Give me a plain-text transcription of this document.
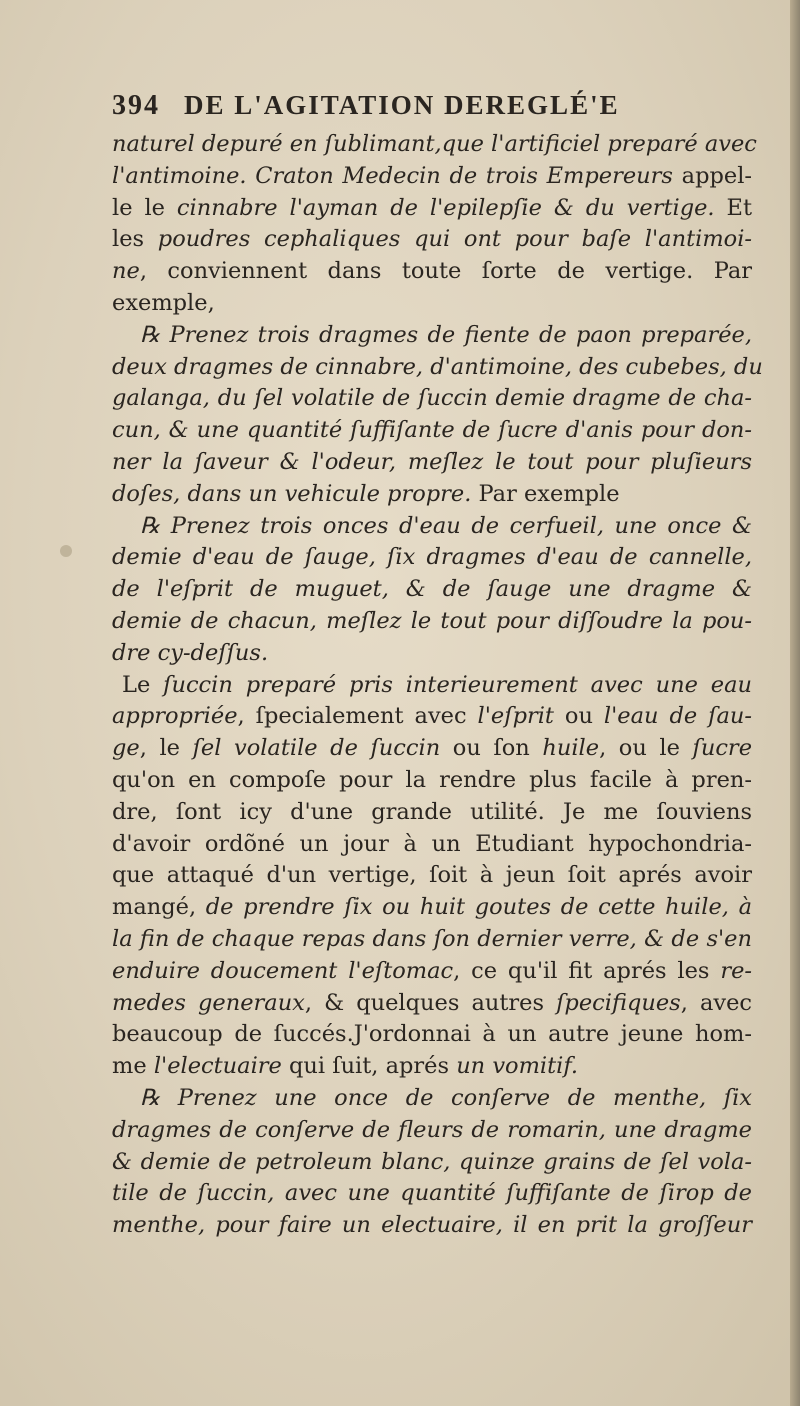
394 DE L'AGITATION DEREGLÉ'E
naturel depuré en ſublimant,que l'artificiel preparé avec
l'antimoine. Craton Medecin de trois Empereurs appel-
le le cinnabre l'ayman de l'epilepſie & du vertige. Et
les poudres cephaliques qui ont pour baſe l'antimoi-
ne, conviennent dans toute ſorte de vertige. Par
exemple,
℞ Prenez trois dragmes de fiente de paon preparée,
deux dragmes de cinnabre, d'antimoine, des cubebes, du
galanga, du ſel volatile de ſuccin demie dragme de cha-
cun, & une quantité ſuffiſante de ſucre d'anis pour don-
ner la ſaveur & l'odeur, meſlez le tout pour pluſieurs
doſes, dans un vehicule propre. Par exemple
℞ Prenez trois onces d'eau de cerfueil, une once &
demie d'eau de ſauge, ſix dragmes d'eau de cannelle,
de l'eſprit de muguet, & de ſauge une dragme &
demie de chacun, meſlez le tout pour diſſoudre la pou-
dre cy-deſſus.
Le ſuccin preparé pris interieurement avec une eau
appropriée, ſpecialement avec l'eſprit ou l'eau de ſau-
ge, le ſel volatile de ſuccin ou ſon huile, ou le ſucre
qu'on en compoſe pour la rendre plus facile à pren-
dre, ſont icy d'une grande utilité. Je me ſouviens
d'avoir ordõné un jour à un Etudiant hypochondria-
que attaqué d'un vertige, ſoit à jeun ſoit aprés avoir
mangé, de prendre ſix ou huit goutes de cette huile, à
la fin de chaque repas dans ſon dernier verre, & de s'en
enduire doucement l'eſtomac, ce qu'il fit aprés les re-
medes generaux, & quelques autres ſpecifiques, avec
beaucoup de ſuccés.J'ordonnai à un autre jeune hom-
me l'electuaire qui ſuit, aprés un vomitif.
℞ Prenez une once de conſerve de menthe, ſix
dragmes de conſerve de fleurs de romarin, une dragme
& demie de petroleum blanc, quinze grains de ſel vola-
tile de ſuccin, avec une quantité ſuffiſante de ſirop de
menthe, pour faire un electuaire, il en prit la groſſeur
